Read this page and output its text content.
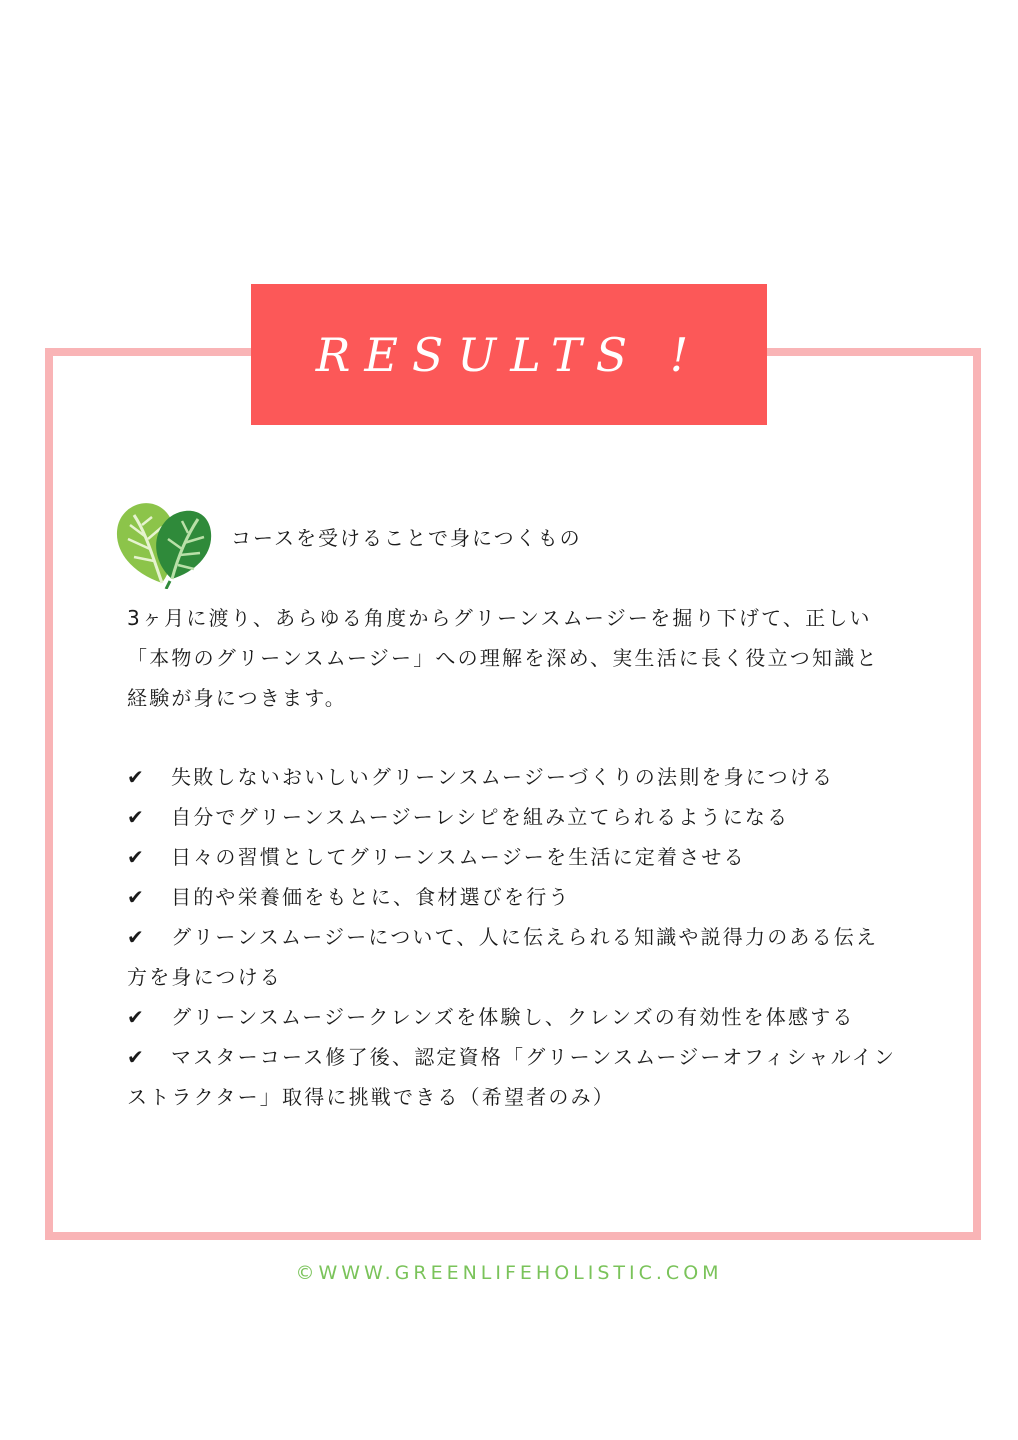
RESULTS !
コースを受けることで身につくもの

3ヶ月に渡り、あらゆる角度からグリーンスムージーを掘り下げて、正しい「本物のグリーンスムージー」への理解を深め、実生活に長く役立つ知識と経験が身につきます。

✔ 失敗しないおいしいグリーンスムージーづくりの法則を身につける
✔ 自分でグリーンスムージーレシピを組み立てられるようになる
✔ 日々の習慣としてグリーンスムージーを生活に定着させる
✔ 目的や栄養価をもとに、食材選びを行う
✔ グリーンスムージーについて、人に伝えられる知識や説得力のある伝え方を身につける
✔ グリーンスムージークレンズを体験し、クレンズの有効性を体感する
✔ マスターコース修了後、認定資格「グリーンスムージーオフィシャルインストラクター」取得に挑戦できる（希望者のみ）
©WWW.GREENLIFEHOLISTIC.COM
